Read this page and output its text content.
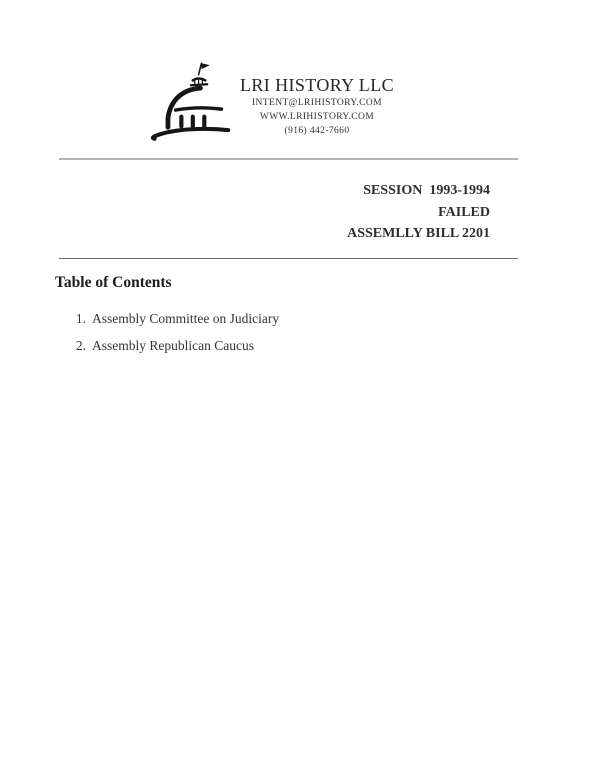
LRI HISTORY LLC
INTENT@LRIHISTORY.COM
WWW.LRIHISTORY.COM
(916) 442-7660
SESSION  1993-1994
FAILED
ASSEMLLY BILL 2201
Table of Contents
1. Assembly Committee on Judiciary
2. Assembly Republican Caucus
